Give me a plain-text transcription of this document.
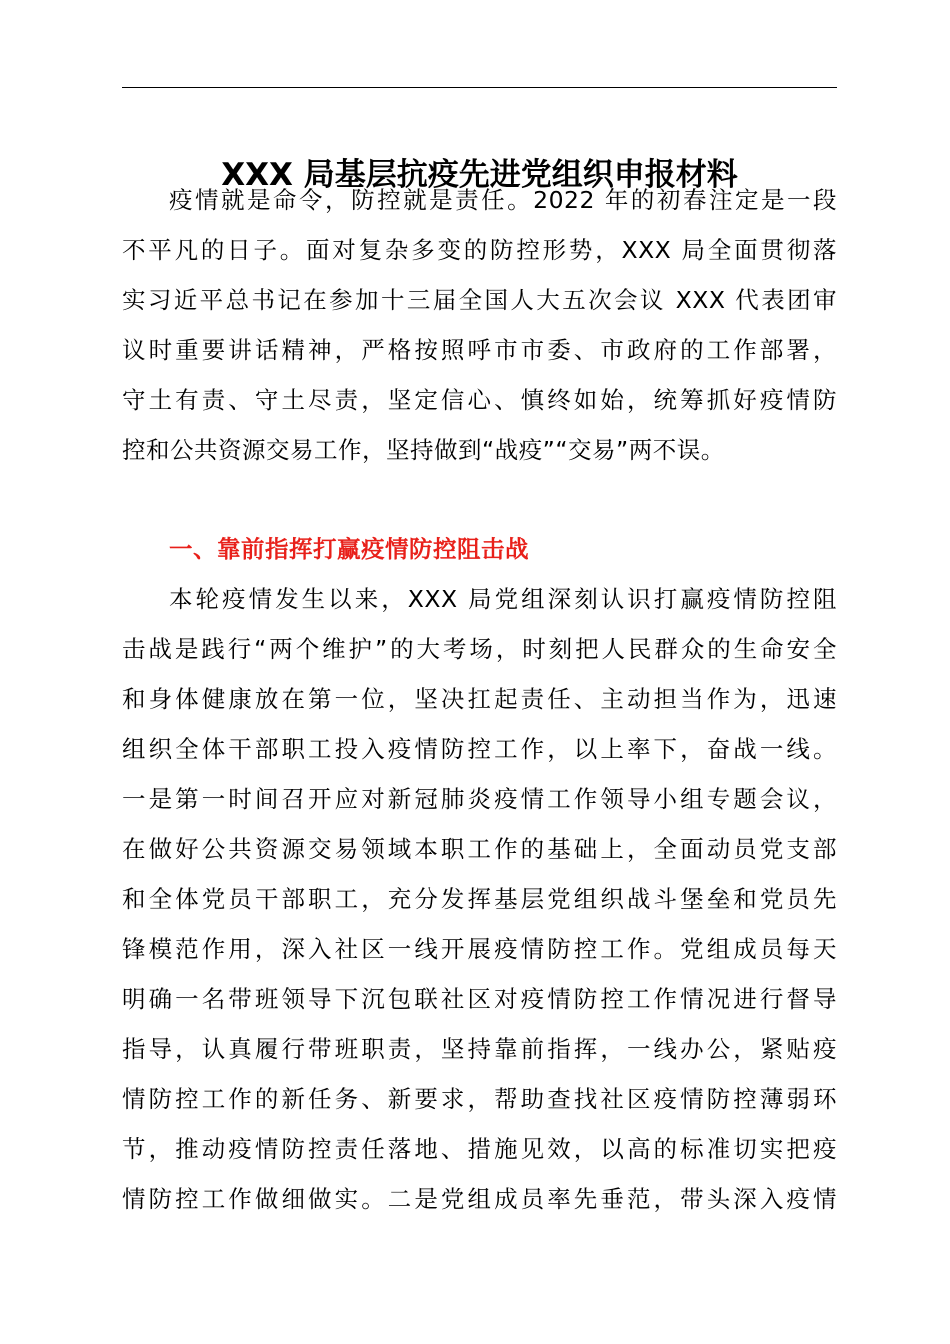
XXX 局基层抗疫先进党组织申报材料
疫情就是命令，防控就是责任。2022 年的初春注定是一段
不平凡的日子。面对复杂多变的防控形势，XXX 局全面贯彻落
实习近平总书记在参加十三届全国人大五次会议 XXX 代表团审
议时重要讲话精神，严格按照呼市市委、市政府的工作部署，
守土有责、守土尽责，坚定信心、慎终如始，统筹抓好疫情防
控和公共资源交易工作，坚持做到“战疫”“交易”两不误。
一、靠前指挥打赢疫情防控阻击战
本轮疫情发生以来，XXX 局党组深刻认识打赢疫情防控阻
击战是践行“两个维护”的大考场，时刻把人民群众的生命安全
和身体健康放在第一位，坚决扛起责任、主动担当作为，迅速
组织全体干部职工投入疫情防控工作，以上率下，奋战一线。
一是第一时间召开应对新冠肺炎疫情工作领导小组专题会议，
在做好公共资源交易领域本职工作的基础上，全面动员党支部
和全体党员干部职工，充分发挥基层党组织战斗堡垒和党员先
锋模范作用，深入社区一线开展疫情防控工作。党组成员每天
明确一名带班领导下沉包联社区对疫情防控工作情况进行督导
指导，认真履行带班职责，坚持靠前指挥，一线办公，紧贴疫
情防控工作的新任务、新要求，帮助查找社区疫情防控薄弱环
节，推动疫情防控责任落地、措施见效，以高的标准切实把疫
情防控工作做细做实。二是党组成员率先垂范，带头深入疫情
